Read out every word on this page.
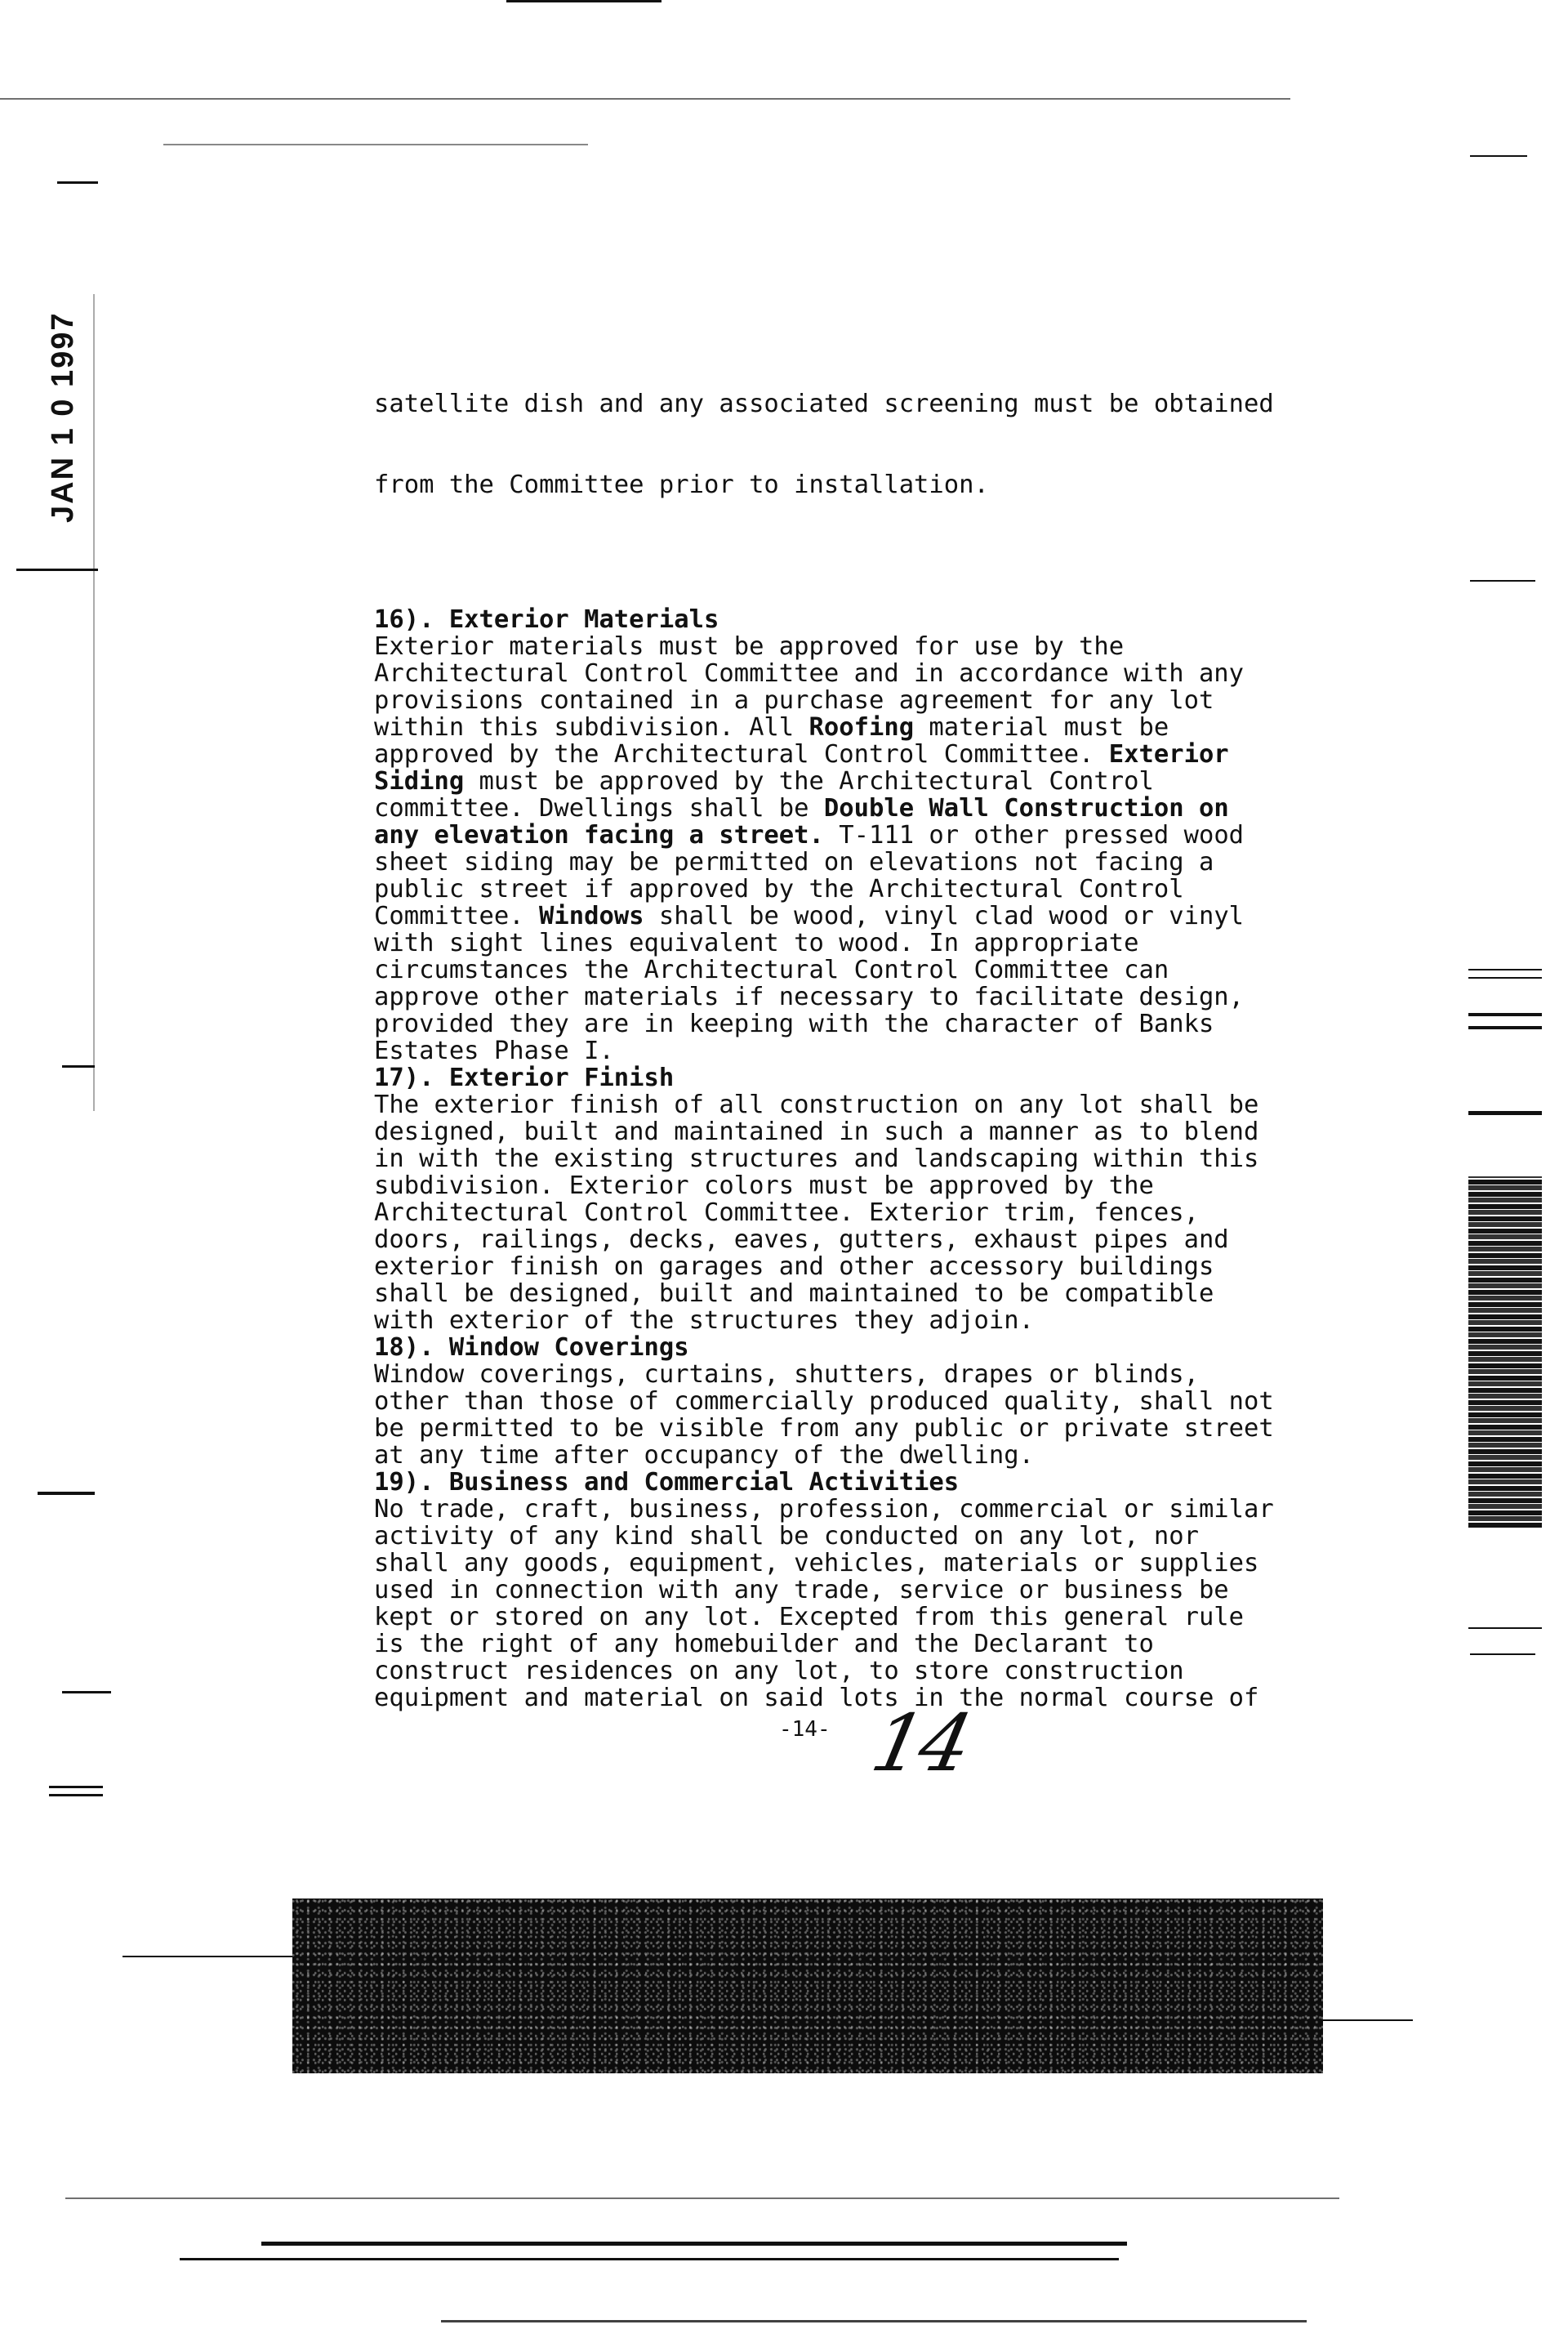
JAN 1 0 1997

	satellite dish and any associated screening must be obtained

from the Committee prior to installation.

16). Exterior Materials

Exterior materials must be approved for use by the

Architectural Control Committee and in accordance with any

provisions contained in a purchase agreement for any lot

within this subdivision. All Roofing material must be

approved by the Architectural Control Committee. Exterior

Siding must be approved by the Architectural Control

committee. Dwellings shall be Double Wall Construction on

any elevation facing a street. T-111 or other pressed wood

sheet siding may be permitted on elevations not facing a

public street if approved by the Architectural Control

Committee. Windows shall be wood, vinyl clad wood or vinyl

with sight lines equivalent to wood. In appropriate

circumstances the Architectural Control Committee can

approve other materials if necessary to facilitate design,

provided they are in keeping with the character of Banks

Estates Phase I.

17). Exterior Finish

The exterior finish of all construction on any lot shall be

designed, built and maintained in such a manner as to blend

in with the existing structures and landscaping within this

subdivision. Exterior colors must be approved by the

Architectural Control Committee. Exterior trim, fences,

doors, railings, decks, eaves, gutters, exhaust pipes and

exterior finish on garages and other accessory buildings

shall be designed, built and maintained to be compatible

with exterior of the structures they adjoin.

18). Window Coverings

Window coverings, curtains, shutters, drapes or blinds,

other than those of commercially produced quality, shall not

be permitted to be visible from any public or private street

at any time after occupancy of the dwelling.

19). Business and Commercial Activities

No trade, craft, business, profession, commercial or similar

activity of any kind shall be conducted on any lot, nor

shall any goods, equipment, vehicles, materials or supplies

used in connection with any trade, service or business be

kept or stored on any lot. Excepted from this general rule

is the right of any homebuilder and the Declarant to

construct residences on any lot, to store construction

equipment and material on said lots in the normal course of

-14- 14
